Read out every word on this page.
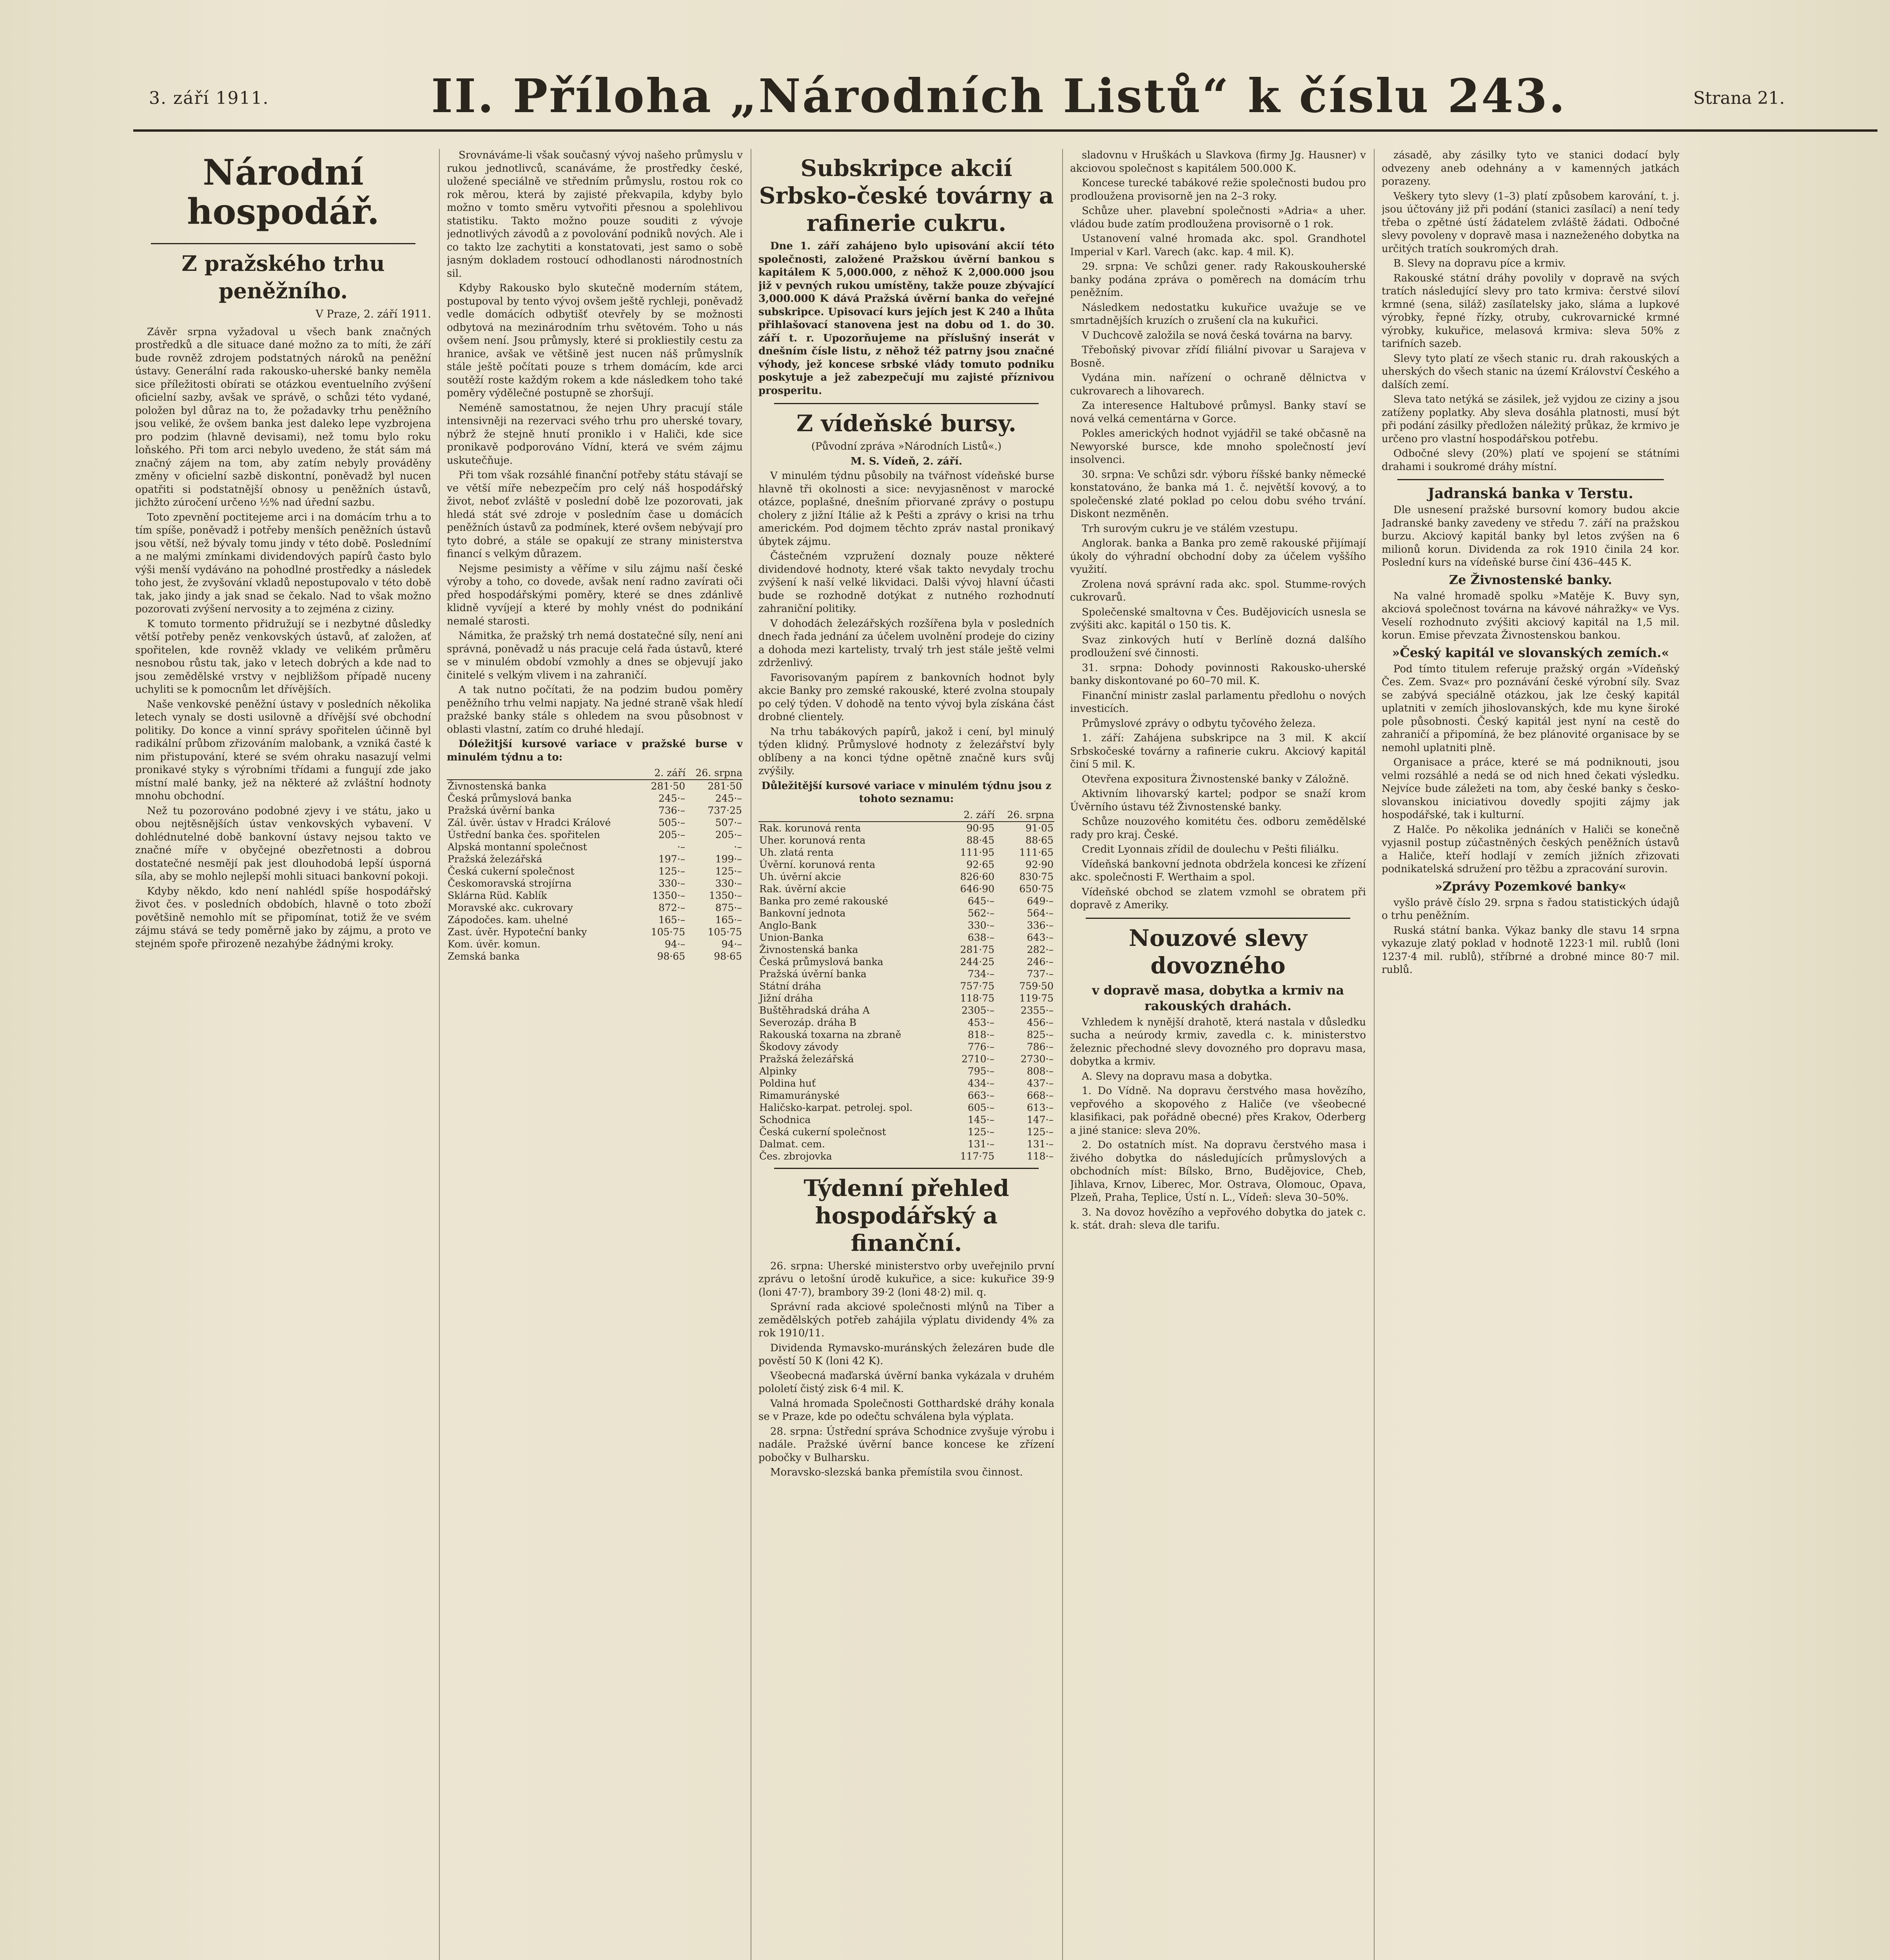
3. září 1911.	II. Příloha „Národních Listů“ k číslu 243.	Strana 21.
Národní hospodář.
Z pražského trhu peněžního.
V Praze, 2. září 1911.

Závěr srpna vyžadoval u všech bank značných prostředků a dle situace dané možno za to míti, že září bude rovněž zdrojem podstatných nároků na peněžní ústavy. Generální rada rakousko-uherské banky neměla sice příležitosti obírati se otázkou eventuelního zvýšení oficielní sazby, avšak ve správě, o schůzi této vydané, položen byl důraz na to, že požadavky trhu peněžního jsou veliké, že ovšem banka jest dalekо lepe vyzbrojena pro podzim (hlavně devisami), než tomu bylo roku loňského. Při tom arci nebylo uvedeno, že stát sám má značný zájem na tom, aby zatím nebyly prováděny změny v oficielní sazbě diskontní, poněvadž byl nucen opatřiti si podstatnější obnosy u peněžních ústavů, jichžto zúročení určeno ½% nad úřední sazbu.

Toto zpevnění poctitejeme arci i na domácím trhu a to tím spíše, poněvadž i potřeby menších peněžních ústavů jsou větší, než bývaly tomu jindy v této době. Poslednímí a ne malými zmínkami dividendových papírů často bylo výši menší vydáváno na pohodlné prostředky a následek toho jest, že zvyšování vkladů nepostupovalo v této době tak, jako jindy a jak snad se čekalo. Nad to však možno pozorovati zvýšení nervosity a to zejména z ciziny.

K tomuto tormento přidružují se i nezbytné důsledky větší potřeby peněz venkovských ústavů, ať založen, ať spořitelen, kde rovněž vklady ve velikém průměru nesnobou růstu tak, jako v letech dobrých a kde nad to jsou zemědělské vrstvy v nejbližšom případě nuceny uchyliti se k pomocnům let dřívějších.

Naše venkovské peněžní ústavy v posledních několika letech vynaly se dosti usilovně a dřívější své obchodní politiky. Do konce a vinní správy spořitelen účinně byl radikální průbom zřizováním malobank, a vzniká časté k nim přistupování, které se svém ohraku nasazují velmi pronikavé styky s výrobními třídami a fungují zde jako místní malé banky, jež na některé až zvláštní hodnoty mnohu obchodní.

Než tu pozorováno podobné zjevy i ve státu, jako u obou nejtěsnějších ústav venkovských vybavení. V dohlédnutelné době bankovní ústavy nejsou takto ve značné míře v obyčejné obezřetnosti a dobrou dostatečné nesmějí pak jest dlouhodobá lepší úsporná síla, aby se mohlo nejlepší mohli situaci bankovní pokoji.

Kdyby někdo, kdo není nahlédl spíše hospodářský život čes. v posledních obdobích, hlavně o toto zboží povětšině nemohlo mít se připomínat, totiž že ve svém zájmu stává se tedy poměrně jako by zájmu, a proto ve stejném spoře přirozeně nezahýbe žádnými kroky.

Srovnáváme-li však současný vývoj našeho průmyslu v rukou jednotlivců, scanáváme, že prostředky české, uložené speciálně ve středním průmyslu, rostou rok co rok měrou, která by zajisté překvapila, kdyby bylo možno v tomto směru vytvořiti přesnou a spolehlivou statistiku. Takto možno pouze souditi z vývoje jednotlivých závodů a z povolování podniků nových. Ale i co takto lze zachytiti a konstatovati, jest samo o sobě jasným dokladem rostoucí odhodlanosti národnostních sil.

Kdyby Rakousko bylo skutečně moderním státem, postupoval by tento vývoj ovšem ještě rychleji, poněvadž vedle domácích odbytišť otevřely by se možnosti odbytová na mezinárodním trhu světovém. Toho u nás ovšem není. Jsou průmysly, které si prokliestily cestu za hranice, avšak ve většině jest nucen náš průmyslník stále ještě počítati pouze s trhem domácím, kde arci soutěží roste každým rokem a kde následkem toho také poměry výdělečné postupně se zhoršují.

Neméně samostatnou, že nejen Uhry pracují stále intensivněji na rezervaci svého trhu pro uherské tovary, nýbrž že stejně hnutí proniklo i v Haliči, kde sice pronikavě podporováno Vídní, která ve svém zájmu uskutečňuje.

Při tom však rozsáhlé finanční potřeby státu stávají se ve větší míře nebezpečím pro celý náš hospodářský život, neboť zvláště v poslední době lze pozorovati, jak hledá stát své zdroje v posledním čase u domácích peněžních ústavů za podmínek, které ovšem nebývají pro tyto dobré, a stále se opakují ze strany ministerstva financí s velkým důrazem.

Nejsme pesimisty a věříme v silu zájmu naší české výroby a toho, co dovede, avšak není radno zavírati oči před hospodářskými poměry, které se dnes zdánlivě klidně vyvíjejí a které by mohly vnést do podnikání nemalé starosti.

Námitka, že pražský trh nemá dostatečné síly, není ani správná, poněvadž u nás pracuje celá řada ústavů, které se v minulém období vzmohly a dnes se objevují jako činitelé s velkým vlivem i na zahraničí.

A tak nutno počítati, že na podzim budou poměry peněžního trhu velmi napjaty. Na jedné straně však hledí pražské banky stále s ohledem na svou působnost v oblasti vlastní, zatím co druhé hledají.

Dóležitjší kursové variace v pražské burse v minulém týdnu a to:

	2. září	26. srpna
Živnostenská banka	281·50	281·50
Česká průmyslová banka	245·–	245·–
Pražská úvěrní banka	736·–	737·25
Zál. úvěr. ústav v Hradci Králové	505·–	507·–
Ústřední banka čes. spořitelen	205·–	205·–
Alpská montanní společnost	·–	·–
Pražská železářská	197·–	199·–
Česká cukerní společnost	125·–	125·–
Českomoravská strojírna	330·–	330·–
Sklárna Rüd. Kablík	1350·–	1350·–
Moravské akc. cukrovary	872·–	875·–
Zápodočes. kam. uhelné	165·–	165·–
Zast. úvěr. Hypoteční banky	105·75	105·75
Kom. úvěr. komun.	94·–	94·–
Zemská banka	98·65	98·65
Subskripce akcií Srbsko-české továrny a rafinerie cukru.

Dne 1. září zahájeno bylo upisování akcií této společnosti, založené Pražskou úvěrní bankou s kapitálem K 5,000.000, z něhož K 2,000.000 jsou již v pevných rukou umístěny, takže pouze zbývající 3,000.000 K dává Pražská úvěrní banka do veřejné subskripce. Upisovací kurs jejích jest K 240 a lhůta přihlašovací stanovena jest na dobu od 1. do 30. září t. r. Upozorňujeme na příslušný inserát v dnešním čísle listu, z něhož též patrny jsou značné výhody, jež koncese srbské vlády tomuto podniku poskytuje a jež zabezpečují mu zajisté příznivou prosperitu.

Z vídeňské bursy.

(Původní zpráva »Národních Listů«.)

M. S. Vídeň, 2. září.

V minulém týdnu působily na tvářnost vídeňské burse hlavně tři okolnosti a sice: nevyjasněnost v marocké otázce, poplašné, dnešním přiorvané zprávy o postupu cholery z jižní Itálie až k Pešti a zprávy o krisi na trhu americkém. Pod dojmem těchto zpráv nastal pronikavý úbytek zájmu.

Částečném vzpružení doznaly pouze některé dividendové hodnoty, které však takto nevydaly trochu zvýšení k naší velké likvidaci. Dalši vývoj hlavní účasti bude se rozhodně dotýkat z nutného rozhodnutí zahraniční politiky.

V dohodách železářských rozšířena byla v posledních dnech řada jednání za účelem uvolnění prodeje do ciziny a dohoda mezi kartelisty, trvalý trh jest stále ještě velmi zdrženlivý.

Favorisovaným papírem z bankovních hodnot byly akcie Banky pro zemské rakouské, které zvolna stoupaly po celý týden. V dohodě na tento vývoj byla získána část drobné clientely.

Na trhu tabákových papírů, jakož i cení, byl minulý týden klidný. Průmyslové hodnoty z železářství byly oblíbeny a na konci týdne opětně značně kurs svůj zvýšily.

Důležitější kursové variace v minulém týdnu jsou z tohoto seznamu:

	2. září	26. srpna
Rak. korunová renta	90·95	91·05
Uher. korunová renta	88·45	88·65
Uh. zlatá renta	111·95	111·65
Úvěrní. korunová renta	92·65	92·90
Uh. úvěrní akcie	826·60	830·75
Rak. úvěrní akcie	646·90	650·75
Banka pro zemé rakouské	645·–	649·–
Bankovní jednota	562·–	564·–
Anglo-Bank	330·–	336·–
Union-Banka	638·–	643·–
Živnostenská banka	281·75	282·–
Česká průmyslová banka	244·25	246·–
Pražská úvěrní banka	734·–	737·–
Státní dráha	757·75	759·50
Jižní dráha	118·75	119·75
Buštěhradská dráha A	2305·–	2355·–
Severozáp. dráha B	453·–	456·–
Rakouská toxarna na zbraně	818·–	825·–
Škodovy závody	776·–	786·–
Pražská železářská	2710·–	2730·–
Alpinky	795·–	808·–
Poldina huť	434·–	437·–
Rimamurányské	663·–	668·–
Haličsko-karpat. petrolej. spol.	605·–	613·–
Schodnica	145·–	147·–
Česká cukerní společnost	125·–	125·–
Dalmat. cem.	131·–	131·–
Čes. zbrojovka	117·75	118·–
Týdenní přehled hospodářský a finanční.

26. srpna: Uherské ministerstvo orby uveřejnilo první zprávu o letošní úrodě kukuřice, a sice: kukuřice 39·9 (loni 47·7), brambory 39·2 (loni 48·2) mil. q.

Správní rada akciové společnosti mlýnů na Tiber a zemědělských potřeb zahájila výplatu dividendy 4% za rok 1910/11.

Dividenda Rymavsko-muránských železáren bude dle pověstí 50 K (loni 42 K).

Všeobecná maďarská úvěrní banka vykázala v druhém pololetí čistý zisk 6·4 mil. K.

Valná hromada Společnosti Gotthardské dráhy konala se v Praze, kde po odečtu schválena byla výplata.

28. srpna: Ústřední správa Schodnice zvyšuje výrobu i nadále. Pražské úvěrní bance koncese ke zřízení pobočky v Bulharsku.

Moravsko-slezská banka přemístila svou činnost.

sladovnu v Hruškách u Slavkova (firmy Jg. Hausner) v akciovou společnost s kapitálem 500.000 K.

Koncese turecké tabákové režie společnosti budou pro prodloužena provisorně jen na 2–3 roky.

Schůze uher. plavební společnosti »Adria« a uher. vládou bude zatím prodloužena provisorně o 1 rok.

Ustanovení valné hromada akc. spol. Grandhotel Imperial v Karl. Varech (akc. kap. 4 mil. K).

29. srpna: Ve schůzi gener. rady Rakouskouherské banky podána zpráva o poměrech na domácím trhu peněžním.

Následkem nedostatku kukuřice uvažuje se ve smrtadnějších kruzích o zrušení cla na kukuřici.

V Duchcově založila se nová česká továrna na barvy.

Třeboňský pivovar zřídí filiální pivovar u Sarajeva v Bosně.

Vydána min. nařízení o ochraně dělnictva v cukrovarech a lihovarech.

Za interesence Haltubové průmysl. Banky staví se nová velká cementárna v Gorce.

Pokles amerických hodnot vyjádřil se také občasně na Newyorské bursce, kde mnoho společností jeví insolvenci.

30. srpna: Ve schůzi sdr. výboru říšské banky německé konstatováno, že banka má 1. č. největší kovový, a to společenské zlaté poklad po celou dobu svého trvání. Diskont nezměněn.

Trh surovým cukru je ve stálém vzestupu.

Anglorak. banka a Banka pro země rakouské přijímají úkoly do výhradní obchodní doby za účelem vyššího využití.

Zrolena nová správní rada akc. spol. Stumme-rových cukrovarů.

Společenské smaltovna v Čes. Budějovicích usnesla se zvýšiti akc. kapitál o 150 tis. K.

Svaz zinkových hutí v Berlíně dozná dalšího prodloužení své činnosti.

31. srpna: Dohody povinnosti Rakousko-uherské banky diskontované po 60–70 mil. K.

Finanční ministr zaslal parlamentu předlohu o nových investicích.

Průmyslové zprávy o odbytu tyčového železa.

1. září: Zahájena subskripce na 3 mil. K akcií Srbskočeské továrny a rafinerie cukru. Akciový kapitál činí 5 mil. K.

Otevřena expositura Živnostenské banky v Záložně.

Aktivním lihovarský kartel; podpor se snaží krom Úvěrního ústavu též Živnostenské banky.

Schůze nouzového komitétu čes. odboru zemědělské rady pro kraj. České.

Credit Lyonnais zřídil de doulechu v Pešti filiálku.

Vídeňská bankovní jednota obdržela koncesi ke zřízení akc. společnosti F. Werthaim a spol.

Vídeňské obchod se zlatem vzmohl se obratem při dopravě z Ameriky.

Nouzové slevy dovozného
v dopravě masa, dobytka a krmiv na rakouských drahách.

Vzhledem k nynější drahotě, která nastala v důsledku sucha a neúrody krmiv, zavedla c. k. ministerstvo železnic přechodné slevy dovozného pro dopravu masa, dobytka a krmiv.

A. Slevy na dopravu masa a dobytka.

1. Do Vídně. Na dopravu čerstvého masa hovězího, vepřového a skopového z Haliče (ve všeobecné klasifikaci, pak pořádně obecné) přes Krakov, Oderberg a jiné stanice: sleva 20%.

2. Do ostatních míst. Na dopravu čerstvého masa i živého dobytka do následujících průmyslových a obchodních míst: Bílsko, Brno, Budějovice, Cheb, Jihlava, Krnov, Liberec, Mor. Ostrava, Olomouc, Opava, Plzeň, Praha, Teplice, Ústí n. L., Vídeň: sleva 30–50%.

3. Na dovoz hovězího a vepřového dobytka do jatek c. k. stát. drah: sleva dle tarifu.

zásadě, aby zásilky tyto ve stanici dodací byly odvezeny aneb odehnány a v kamenných jatkách porazeny.

Veškery tyto slevy (1–3) platí způsobem karování, t. j. jsou účtovány již při podání (stanici zasílací) a není tedy třeba o zpětné ústí žádatelem zvláště žádati. Odbočné slevy povoleny v dopravě masa i nazneženého dobytka na určitých tratích soukromých drah.

B. Slevy na dopravu píce a krmiv.

Rakouské státní dráhy povolily v dopravě na svých tratích následující slevy pro tato krmiva: čerstvé siloví krmné (sena, siláž) zasílatelsky jako, sláma a lupkové výrobky, řepné řízky, otruby, cukrovarnické krmné výrobky, kukuřice, melasová krmiva: sleva 50% z tarifních sazeb.

Slevy tyto platí ze všech stanic ru. drah rakouských a uherských do všech stanic na území Království Českého a dalších zemí.

Sleva tato netýká se zásilek, jež vyjdou ze ciziny a jsou zatíženy poplatky. Aby sleva dosáhla platnosti, musí být při podání zásilky předložen náležitý průkaz, že krmivo je určeno pro vlastní hospodářskou potřebu.

Odbočné slevy (20%) platí ve spojení se státními drahami i soukromé dráhy místní.

Jadranská banka v Terstu.

Dle usnesení pražské bursovní komory budou akcie Jadranské banky zavedeny ve středu 7. září na pražskou burzu. Akciový kapitál banky byl letos zvýšen na 6 milionů korun. Dividenda za rok 1910 činila 24 kor. Poslední kurs na vídeňské burse činí 436–445 K.

Ze Živnostenské banky.

Na valné hromadě spolku »Matěje K. Buvy syn, akciová společnost továrna na kávové náhražky« ve Vys. Veselí rozhodnuto zvýšiti akciový kapitál na 1,5 mil. korun. Emise převzata Živnostenskou bankou.

»Český kapitál ve slovanských zemích.«

Pod tímto titulem referuje pražský orgán »Vídeňský Čes. Zem. Svaz« pro poznávání české výrobní síly. Svaz se zabývá speciálně otázkou, jak lze český kapitál uplatniti v zemích jihoslovanských, kde mu kyne široké pole působnosti. Český kapitál jest nyní na cestě do zahraničí a připomíná, že bez plánovité organisace by se nemohl uplatniti plně.

Organisace a práce, které se má podniknouti, jsou velmi rozsáhlé a nedá se od nich hned čekati výsledku. Nejvíce bude záležeti na tom, aby české banky s česko-slovanskou iniciativou dovedly spojiti zájmy jak hospodářské, tak i kulturní.

Z Halče. Po několika jednáních v Haliči se konečně vyjasnil postup zúčastněných českých peněžních ústavů a Haliče, kteří hodlají v zemích jižních zřizovati podnikatelská sdružení pro těžbu a zpracování surovin.

»Zprávy Pozemkové banky«

vyšlo právě číslo 29. srpna s řadou statistických údajů o trhu peněžním.

Ruská státní banka. Výkaz banky dle stavu 14 srpna vykazuje zlatý poklad v hodnotě 1223·1 mil. rublů (loni 1237·4 mil. rublů), stříbrné a drobné mince 80·7 mil. rublů.
